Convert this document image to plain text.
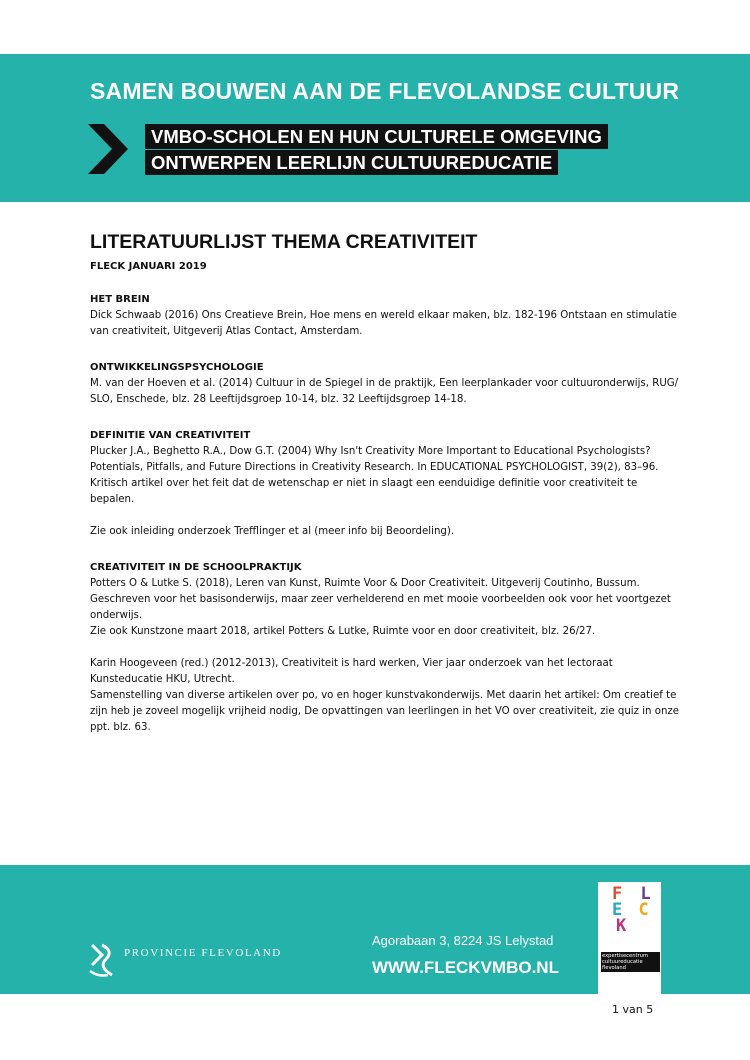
SAMEN BOUWEN AAN DE FLEVOLANDSE CULTUUR
VMBO-SCHOLEN EN HUN CULTURELE OMGEVING
ONTWERPEN LEERLIJN CULTUUREDUCATIE
LITERATUURLIJST THEMA CREATIVITEIT
FLECK JANUARI 2019
HET BREIN

Dick Schwaab (2016) Ons Creatieve Brein, Hoe mens en wereld elkaar maken, blz. 182-196 Ontstaan en stimulatie van creativiteit, Uitgeverij Atlas Contact, Amsterdam.

ONTWIKKELINGSPSYCHOLOGIE

M. van der Hoeven et al. (2014) Cultuur in de Spiegel in de praktijk, Een leerplankader voor cultuuronderwijs, RUG/ SLO, Enschede, blz. 28 Leeftijdsgroep 10-14, blz. 32 Leeftijdsgroep 14-18.

DEFINITIE VAN CREATIVITEIT

Plucker J.A., Beghetto R.A., Dow G.T. (2004) Why Isn't Creativity More Important to Educational Psychologists? Potentials, Pitfalls, and Future Directions in Creativity Research. In EDUCATIONAL PSYCHOLOGIST, 39(2), 83–96. Kritisch artikel over het feit dat de wetenschap er niet in slaagt een eenduidige definitie voor creativiteit te bepalen.

Zie ook inleiding onderzoek Trefflinger et al (meer info bij Beoordeling).

CREATIVITEIT IN DE SCHOOLPRAKTIJK

Potters O & Lutke S. (2018), Leren van Kunst, Ruimte Voor & Door Creativiteit. Uitgeverij Coutinho, Bussum. Geschreven voor het basisonderwijs, maar zeer verhelderend en met mooie voorbeelden ook voor het voortgezet onderwijs.

Zie ook Kunstzone maart 2018, artikel Potters & Lutke, Ruimte voor en door creativiteit, blz. 26/27.

Karin Hoogeveen (red.) (2012-2013), Creativiteit is hard werken, Vier jaar onderzoek van het lectoraat Kunsteducatie HKU, Utrecht.

Samenstelling van diverse artikelen over po, vo en hoger kunstvakonderwijs. Met daarin het artikel: Om creatief te zijn heb je zoveel mogelijk vrijheid nodig, De opvattingen van leerlingen in het VO over creativiteit, zie quiz in onze ppt. blz. 63.

PROVINCIE FLEVOLAND
Agorabaan 3, 8224 JS Lelystad
WWW.FLECKVMBO.NL
F L
E C
K
expertisecentrum cultuureducatie flevoland
1 van 5
